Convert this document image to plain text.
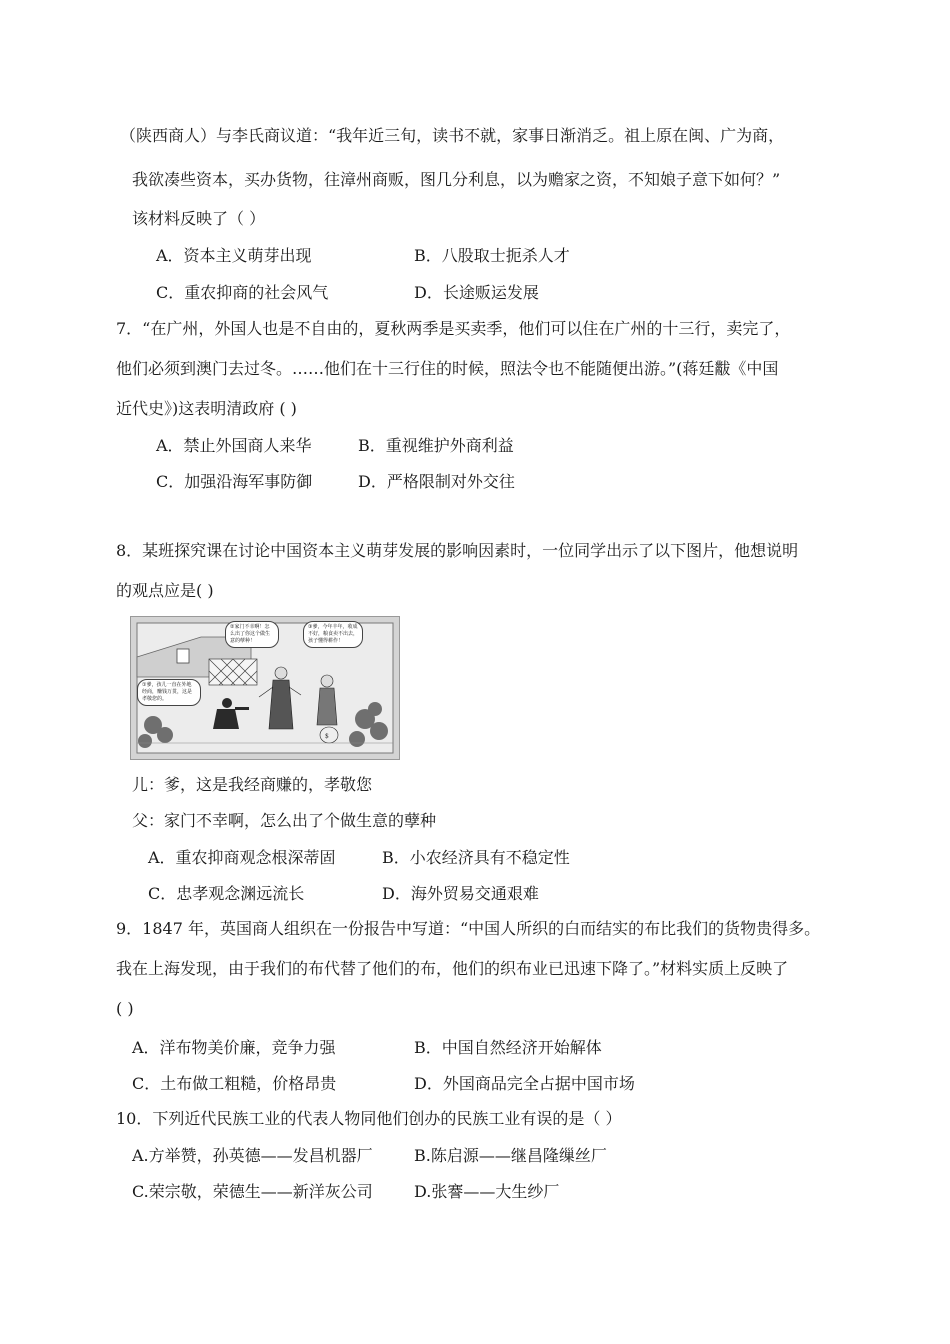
（陕西商人）与李氏商议道：“我年近三旬，读书不就，家事日渐消乏。祖上原在闽、广为商，
我欲凑些资本，买办货物，往漳州商贩，图几分利息，以为赡家之资，不知娘子意下如何？”
该材料反映了（ ）
A．资本主义萌芽出现	B．八股取士扼杀人才
C．重农抑商的社会风气	D．长途贩运发展
7．“在广州，外国人也是不自由的，夏秋两季是买卖季，他们可以住在广州的十三行，卖完了，
他们必须到澳门去过冬。……他们在十三行住的时候，照法令也不能随便出游。”(蒋廷黻《中国
近代史》)这表明清政府 ( )
A．禁止外国商人来华	B．重视维护外商利益
C．加强沿海军事防御	D．严格限制对外交往
8．某班探究课在讨论中国资本主义萌芽发展的影响因素时，一位同学出示了以下图片，他想说明
的观点应是( )
$
①爹，孩儿一直在外地经商，赚钱万贯，这是孝敬您的。
②家门不幸啊！怎么出了你这个做生意的孽种！
③爹，今年丰年，收成不好，粮食卖不出去，孩子懂得耕作！
儿：爹，这是我经商赚的，孝敬您
父：家门不幸啊，怎么出了个做生意的孽种
A．重农抑商观念根深蒂固	B．小农经济具有不稳定性
C．忠孝观念渊远流长	D．海外贸易交通艰难
9．1847 年，英国商人组织在一份报告中写道：“中国人所织的白而结实的布比我们的货物贵得多。
我在上海发现，由于我们的布代替了他们的布，他们的织布业已迅速下降了。”材料实质上反映了
( )
A．洋布物美价廉，竞争力强	B．中国自然经济开始解体
C．土布做工粗糙，价格昂贵	D．外国商品完全占据中国市场
10．下列近代民族工业的代表人物同他们创办的民族工业有误的是（ ）
A.方举赞，孙英德——发昌机器厂	B.陈启源——继昌隆缫丝厂
C.荣宗敬，荣德生——新洋灰公司	D.张謇——大生纱厂
